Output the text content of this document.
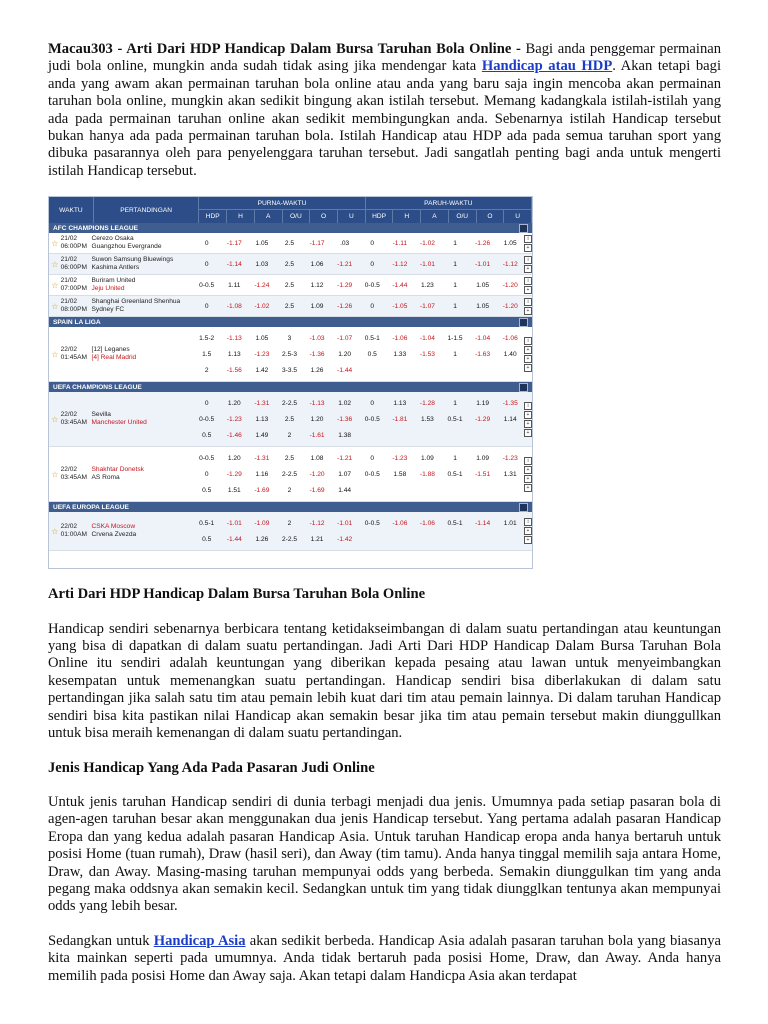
Macau303 - Arti Dari HDP Handicap Dalam Bursa Taruhan Bola Online - Bagi anda penggemar permainan judi bola online, mungkin anda sudah tidak asing jika mendengar kata Handicap atau HDP. Akan tetapi bagi anda yang awam akan permainan taruhan bola online atau anda yang baru saja ingin mencoba akan permainan taruhan bola online, mungkin akan sedikit bingung akan istilah tersebut. Memang kadangkala istilah-istilah yang ada pada permainan taruhan online akan sedikit membingungkan anda. Sebenarnya istilah Handicap tersebut bukan hanya ada pada permainan taruhan bola. Istilah Handicap atau HDP ada pada semua taruhan sport yang dibuka pasarannya oleh para penyelenggara taruhan tersebut. Jadi sangatlah penting bagi anda untuk mengerti istilah Handicap tersebut.

WAKTU	PERTANDINGAN
PURNA-WAKTU
HDP	H	A	O/U	O	U
PARUH-WAKTU
HDP	H	A	O/U	O	U
AFC CHAMPIONS LEAGUE
☆ 21/02
06:00PM
Cerezo Osaka
Guangzhou Evergrande	0	-1.17	1.05	2.5	-1.17	.03	0	-1.11	-1.02	1	-1.26	1.05
i
+
☆ 21/02
06:00PM
Suwon Samsung Bluewings
Kashima Antlers	0	-1.14	1.03	2.5	1.06	-1.21	0	-1.12	-1.01	1	-1.01	-1.12
i
+
☆ 21/02
07:00PM
Buriram United
Jeju United	0-0.5	1.11	-1.24	2.5	1.12	-1.29	0-0.5	-1.44	1.23	1	1.05	-1.20
i
+
☆ 21/02
08:00PM
Shanghai Greenland Shenhua
Sydney FC	0	-1.08	-1.02	2.5	1.09	-1.26	0	-1.05	-1.07	1	1.05	-1.20
i
+
SPAIN LA LIGA
☆ 22/02
01:45AM
[12] Leganes
[4] Real Madrid
1.5-2	-1.13	1.05	3	-1.03	-1.07	0.5-1	-1.06	-1.04	1-1.5	-1.04	-1.06
1.5	1.13	-1.23	2.5-3	-1.36	1.20	0.5	1.33	-1.53	1	-1.63	1.40
2	-1.56	1.42	3-3.5	1.26	-1.44
i
+
+
+
UEFA CHAMPIONS LEAGUE
☆ 22/02
03:45AM
Sevilla
Manchester United
0	1.20	-1.31	2-2.5	-1.13	1.02	0	1.13	-1.28	1	1.19	-1.35
0-0.5	-1.23	1.13	2.5	1.20	-1.36	0-0.5	-1.81	1.53	0.5-1	-1.29	1.14
0.5	-1.46	1.49	2	-1.61	1.38
i
+
+
+
☆ 22/02
03:45AM
Shakhtar Donetsk
AS Roma
0-0.5	1.20	-1.31	2.5	1.08	-1.21	0	-1.23	1.09	1	1.09	-1.23
0	-1.29	1.16	2-2.5	-1.20	1.07	0-0.5	1.58	-1.88	0.5-1	-1.51	1.31
0.5	1.51	-1.69	2	-1.69	1.44
i
+
+
+
UEFA EUROPA LEAGUE
☆ 22/02
01:00AM
CSKA Moscow
Crvena Zvezda
0.5-1	-1.01	-1.09	2	-1.12	-1.01	0-0.5	-1.06	-1.06	0.5-1	-1.14	1.01
0.5	-1.44	1.26	2-2.5	1.21	-1.42
i
+
+
Arti Dari HDP Handicap Dalam Bursa Taruhan Bola Online

Handicap sendiri sebenarnya berbicara tentang ketidakseimbangan di dalam suatu pertandingan atau keuntungan yang bisa di dapatkan di dalam suatu pertandingan. Jadi Arti Dari HDP Handicap Dalam Bursa Taruhan Bola Online itu sendiri adalah keuntungan yang diberikan kepada pesaing atau lawan untuk menyeimbangkan kesempatan untuk memenangkan suatu pertandingan. Handicap sendiri bisa diberlakukan di dalam satu pertandingan jika salah satu tim atau pemain lebih kuat dari tim atau pemain lainnya. Di dalam taruhan Handicap sendiri bisa kita pastikan nilai Handicap akan semakin besar jika tim atau pemain tersebut makin diunggullkan untuk bisa meraih kemenangan di dalam suatu pertandingan.

Jenis Handicap Yang Ada Pada Pasaran Judi Online

Untuk jenis taruhan Handicap sendiri di dunia terbagi menjadi dua jenis. Umumnya pada setiap pasaran bola di agen-agen taruhan besar akan menggunakan dua jenis Handicap tersebut. Yang pertama adalah pasaran Handicap Eropa dan yang kedua adalah pasaran Handicap Asia. Untuk taruhan Handicap eropa anda hanya bertaruh untuk posisi Home (tuan rumah), Draw (hasil seri), dan Away (tim tamu). Anda hanya tinggal memilih saja antara Home, Draw, dan Away. Masing-masing taruhan mempunyai odds yang berbeda. Semakin diunggulkan tim yang anda pegang maka oddsnya akan semakin kecil. Sedangkan untuk tim yang tidak diungglkan tentunya akan mempunyai odds yang lebih besar.

Sedangkan untuk Handicap Asia akan sedikit berbeda. Handicap Asia adalah pasaran taruhan bola yang biasanya kita mainkan seperti pada umumnya. Anda tidak bertaruh pada posisi Home, Draw, dan Away. Anda hanya memilih pada posisi Home dan Away saja. Akan tetapi dalam Handicpa Asia akan terdapat
